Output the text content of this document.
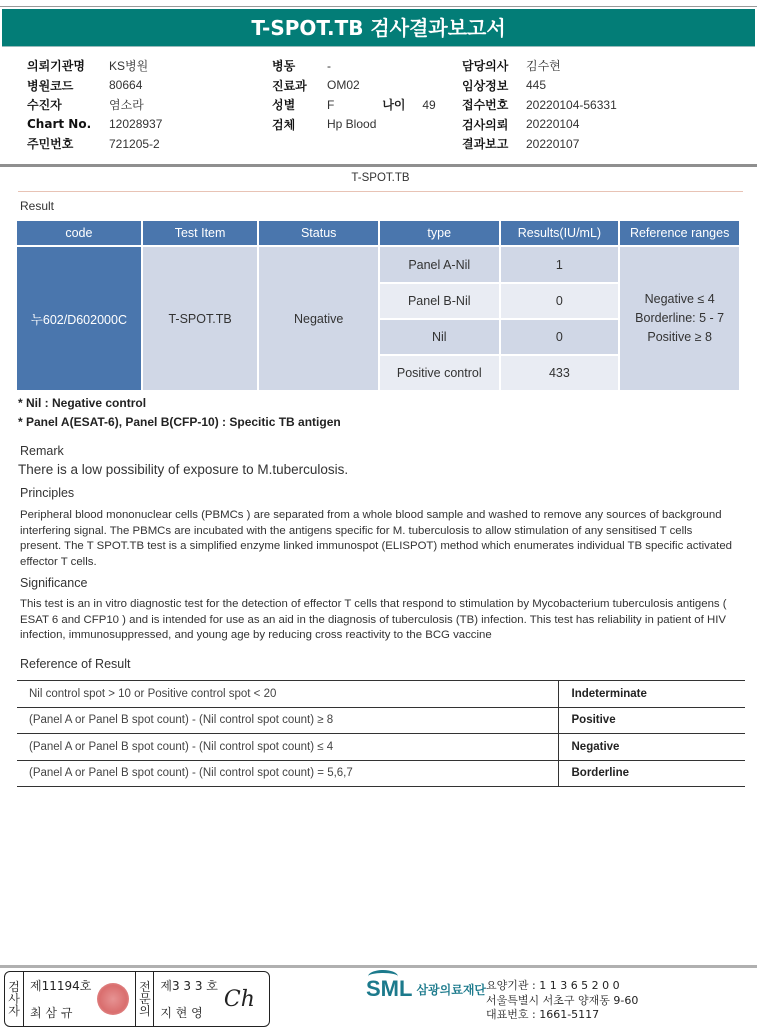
T-SPOT.TB 검사결과보고서
의뢰기관명	KS병원
병원코드	80664
수진자	염소라
Chart No.	12028937
주민번호	721205-2
병동	-
진료과	OM02
성별	F	나이	49
검체	Hp Blood
담당의사	김수현
임상정보	445
접수번호	20220104-56331
검사의뢰	20220104
결과보고	20220107
T-SPOT.TB
Result
code	Test Item	Status	type	Results(IU/mL)	Reference ranges
누602/D602000C	T-SPOT.TB	Negative	Panel A-Nil	1	Negative ≤ 4
Borderline: 5 - 7
Positive ≥ 8

			Panel B-Nil	0	
			Nil	0	
			Positive control	433	
* Nil : Negative control
* Panel A(ESAT-6), Panel B(CFP-10) : Specitic TB antigen
Remark
There is a low possibility of exposure to M.tuberculosis.
Principles
Peripheral blood mononuclear cells (PBMCs ) are separated from a whole blood sample and washed to remove any sources of background interfering signal. The PBMCs are incubated with the antigens specific for M. tuberculosis to allow stimulation of any sensitised T cells present. The T SPOT.TB test is a simplified enzyme linked immunospot (ELISPOT) method which enumerates individual TB specific activated effector T cells.
Significance
This test is an in vitro diagnostic test for the detection of effector T cells that respond to stimulation by Mycobacterium tuberculosis antigens ( ESAT 6 and CFP10 ) and is intended for use as an aid in the diagnosis of tuberculosis (TB) infection. This test has reliability in patient of HIV infection, immunosuppressed, and young age by reducing cross reactivity to the BCG vaccine
Reference of Result
Nil control spot > 10 or Positive control spot < 20	Indeterminate
(Panel A or Panel B spot count) - (Nil control spot count) ≥ 8	Positive
(Panel A or Panel B spot count) - (Nil control spot count) ≤ 4	Negative
(Panel A or Panel B spot count) - (Nil control spot count) = 5,6,7	Borderline
검
사
자
제11194호
최 삼 규
전
문
의
제3 3 3 호
지 현 영
Ch	SML 삼광의료재단 요양기관 : 1 1 3 6 5 2 0 0
서울특별시 서초구 양재동 9-60
대표번호 : 1661-5117
